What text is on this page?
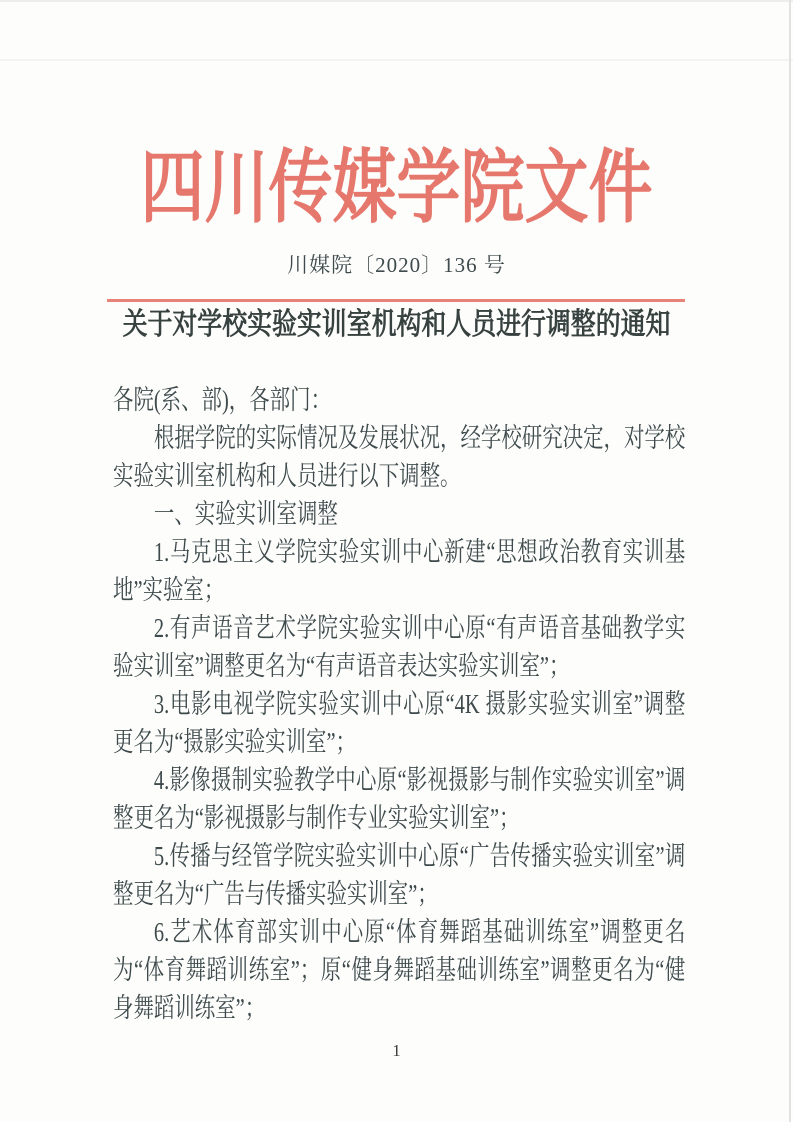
四川传媒学院文件
川媒院〔2020〕136 号
关于对学校实验实训室机构和人员进行调整的通知

各院(系、部)，各部门：

根据学院的实际情况及发展状况，经学校研究决定，对学校实验实训室机构和人员进行以下调整。

一、实验实训室调整

1.马克思主义学院实验实训中心新建“思想政治教育实训基地”实验室；

2.有声语音艺术学院实验实训中心原“有声语音基础教学实验实训室”调整更名为“有声语音表达实验实训室”；

3.电影电视学院实验实训中心原“4K 摄影实验实训室”调整更名为“摄影实验实训室”；

4.影像摄制实验教学中心原“影视摄影与制作实验实训室”调整更名为“影视摄影与制作专业实验实训室”；

5.传播与经管学院实验实训中心原“广告传播实验实训室”调整更名为“广告与传播实验实训室”；

6.艺术体育部实训中心原“体育舞蹈基础训练室”调整更名为“体育舞蹈训练室”；原“健身舞蹈基础训练室”调整更名为“健身舞蹈训练室”；

1
